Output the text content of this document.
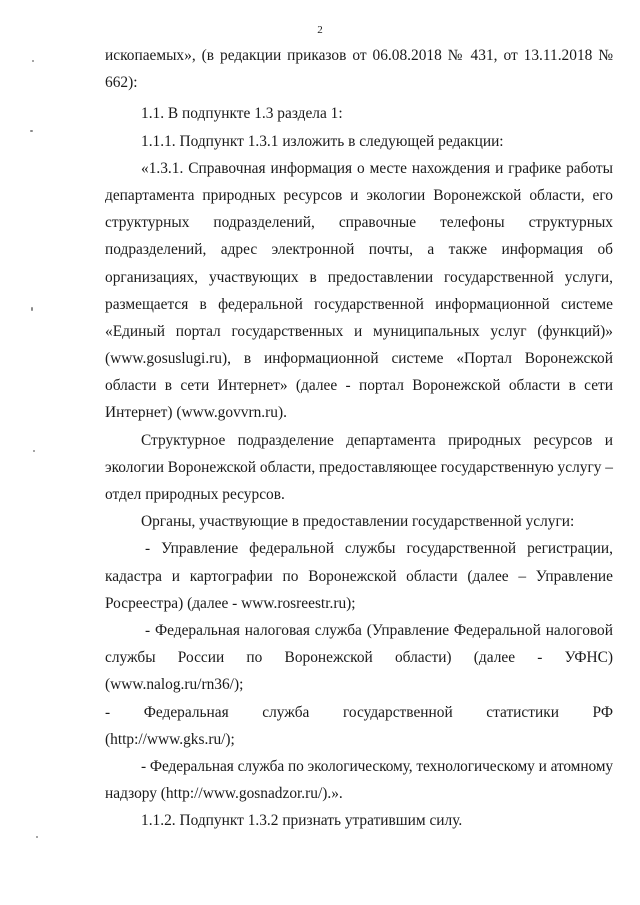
2
ископаемых», (в редакции приказов от 06.08.2018 № 431, от 13.11.2018 №
662):
1.1. В подпункте 1.3 раздела 1:
1.1.1. Подпункт 1.3.1 изложить в следующей редакции:
«1.3.1. Справочная информация о месте нахождения и графике работы
департамента природных ресурсов и экологии Воронежской области, его
структурных подразделений, справочные телефоны структурных
подразделений, адрес электронной почты, а также информация об
организациях, участвующих в предоставлении государственной услуги,
размещается в федеральной государственной информационной системе
«Единый портал государственных и муниципальных услуг (функций)»
(www.gosuslugi.ru), в информационной системе «Портал Воронежской
области в сети Интернет» (далее - портал Воронежской области в сети
Интернет) (www.govvrn.ru).
Структурное подразделение департамента природных ресурсов и
экологии Воронежской области, предоставляющее государственную услугу –
отдел природных ресурсов.
Органы, участвующие в предоставлении государственной услуги:
- Управление федеральной службы государственной регистрации,
кадастра и картографии по Воронежской области (далее – Управление
Росреестра) (далее - www.rosreestr.ru);
- Федеральная налоговая служба (Управление Федеральной налоговой
службы России по Воронежской области) (далее - УФНС)
(www.nalog.ru/rn36/);
- Федеральная служба государственной статистики РФ
(http://www.gks.ru/);
- Федеральная служба по экологическому, технологическому и атомному
надзору (http://www.gosnadzor.ru/).».
1.1.2. Подпункт 1.3.2 признать утратившим силу.
